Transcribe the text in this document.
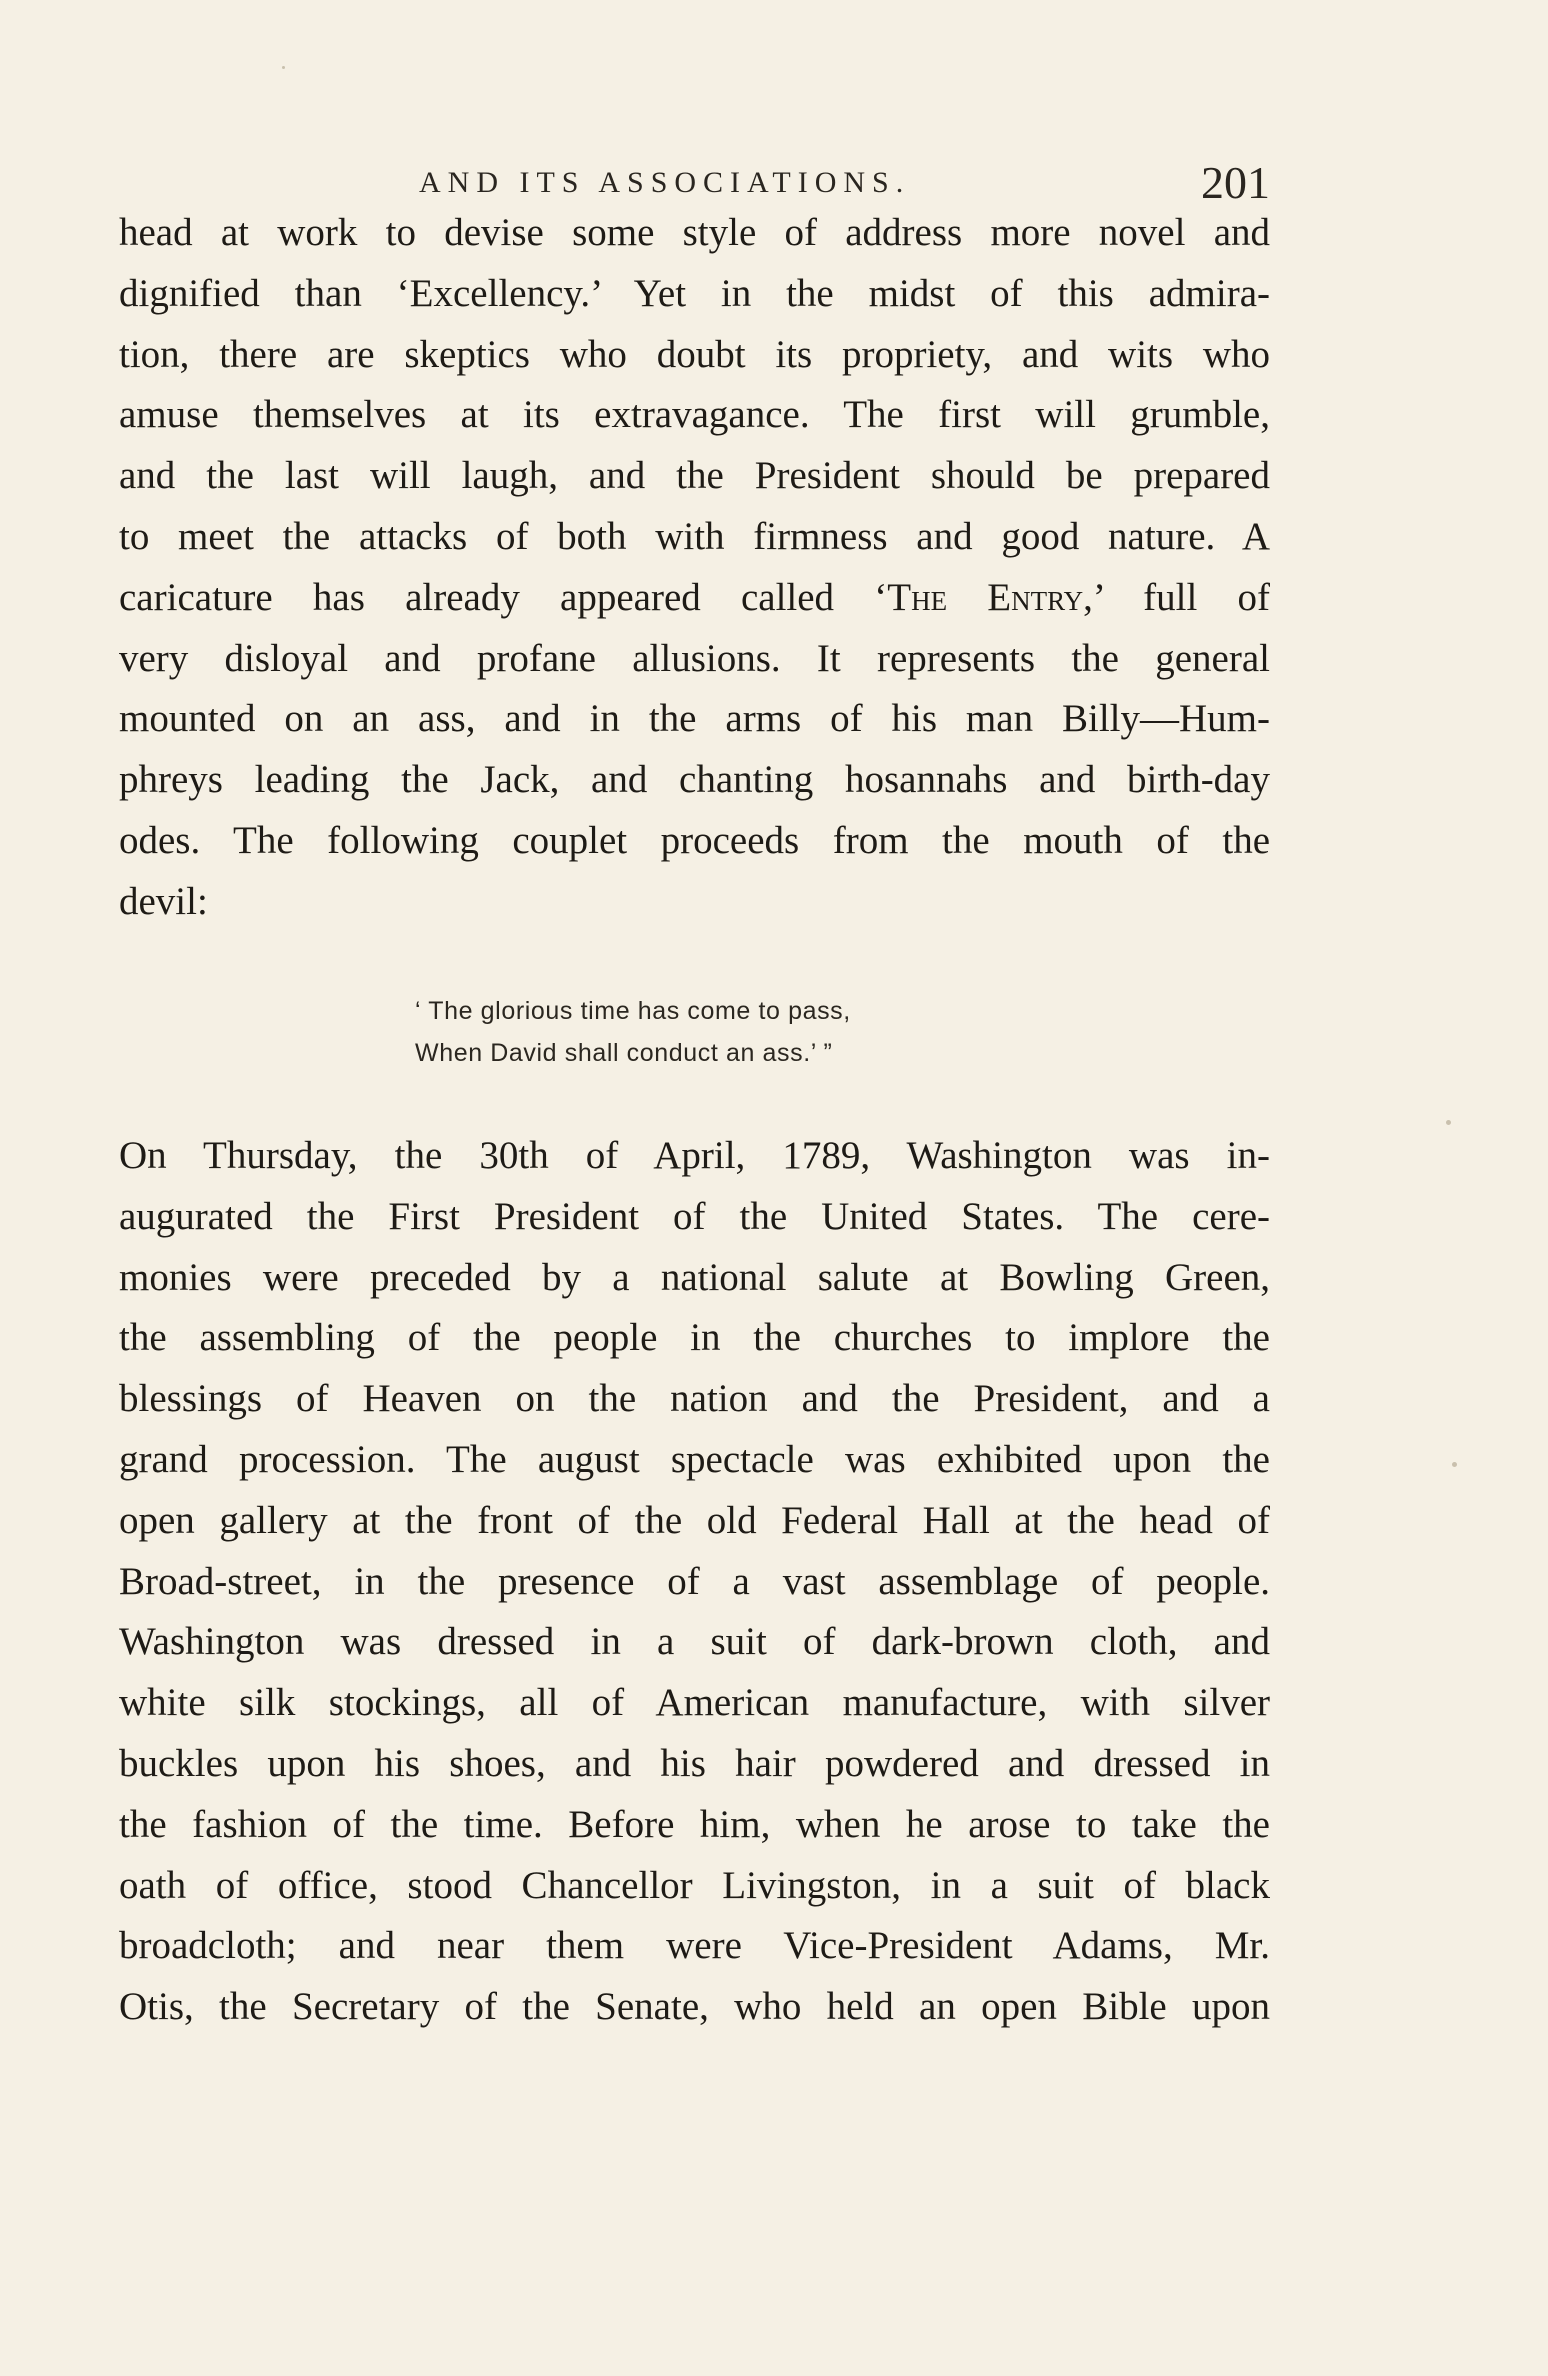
AND ITS ASSOCIATIONS.	201
head at work to devise some style of address more novel and
dignified than ‘Excellency.’ Yet in the midst of this admira-
tion, there are skeptics who doubt its propriety, and wits who
amuse themselves at its extravagance. The first will grumble,
and the last will laugh, and the President should be prepared
to meet the attacks of both with firmness and good nature. A
caricature has already appeared called ‘The Entry,’ full of
very disloyal and profane allusions. It represents the general
mounted on an ass, and in the arms of his man Billy—Hum-
phreys leading the Jack, and chanting hosannahs and birth-day
odes. The following couplet proceeds from the mouth of the
devil:
‘ The glorious time has come to pass,
When David shall conduct an ass.’ ”
On Thursday, the 30th of April, 1789, Washington was in-
augurated the First President of the United States. The cere-
monies were preceded by a national salute at Bowling Green,
the assembling of the people in the churches to implore the
blessings of Heaven on the nation and the President, and a
grand procession. The august spectacle was exhibited upon the
open gallery at the front of the old Federal Hall at the head of
Broad-street, in the presence of a vast assemblage of people.
Washington was dressed in a suit of dark-brown cloth, and
white silk stockings, all of American manufacture, with silver
buckles upon his shoes, and his hair powdered and dressed in
the fashion of the time. Before him, when he arose to take the
oath of office, stood Chancellor Livingston, in a suit of black
broadcloth; and near them were Vice-President Adams, Mr.
Otis, the Secretary of the Senate, who held an open Bible upon
